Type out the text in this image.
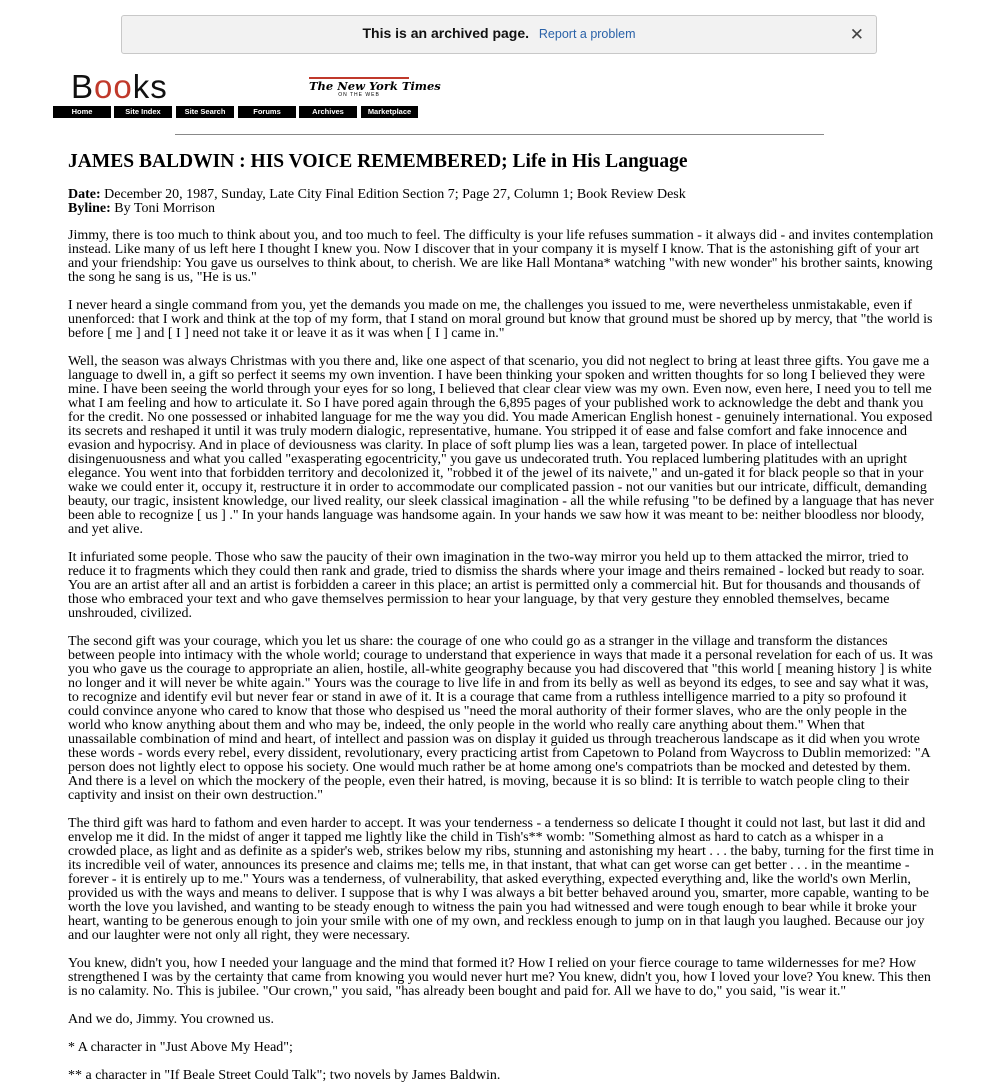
This is an archived page. Report a problem	✕
Books	The New York Times
ON THE WEB
Home	Site Index	Site Search	Forums	Archives	Marketplace
JAMES BALDWIN : HIS VOICE REMEMBERED; Life in His Language
Date: December 20, 1987, Sunday, Late City Final Edition Section 7; Page 27, Column 1; Book Review Desk
Byline: By Toni Morrison

Jimmy, there is too much to think about you, and too much to feel. The difficulty is your life refuses summation - it always did - and invites contemplation instead. Like many of us left here I thought I knew you. Now I discover that in your company it is myself I know. That is the astonishing gift of your art and your friendship: You gave us ourselves to think about, to cherish. We are like Hall Montana* watching "with new wonder" his brother saints, knowing the song he sang is us, "He is us."

I never heard a single command from you, yet the demands you made on me, the challenges you issued to me, were nevertheless unmistakable, even if unenforced: that I work and think at the top of my form, that I stand on moral ground but know that ground must be shored up by mercy, that "the world is before [ me ] and [ I ] need not take it or leave it as it was when [ I ] came in."

Well, the season was always Christmas with you there and, like one aspect of that scenario, you did not neglect to bring at least three gifts. You gave me a language to dwell in, a gift so perfect it seems my own invention. I have been thinking your spoken and written thoughts for so long I believed they were mine. I have been seeing the world through your eyes for so long, I believed that clear clear view was my own. Even now, even here, I need you to tell me what I am feeling and how to articulate it. So I have pored again through the 6,895 pages of your published work to acknowledge the debt and thank you for the credit. No one possessed or inhabited language for me the way you did. You made American English honest - genuinely international. You exposed its secrets and reshaped it until it was truly modern dialogic, representative, humane. You stripped it of ease and false comfort and fake innocence and evasion and hypocrisy. And in place of deviousness was clarity. In place of soft plump lies was a lean, targeted power. In place of intellectual disingenuousness and what you called "exasperating egocentricity," you gave us undecorated truth. You replaced lumbering platitudes with an upright elegance. You went into that forbidden territory and decolonized it, "robbed it of the jewel of its naivete," and un-gated it for black people so that in your wake we could enter it, occupy it, restructure it in order to accommodate our complicated passion - not our vanities but our intricate, difficult, demanding beauty, our tragic, insistent knowledge, our lived reality, our sleek classical imagination - all the while refusing "to be defined by a language that has never been able to recognize [ us ] ." In your hands language was handsome again. In your hands we saw how it was meant to be: neither bloodless nor bloody, and yet alive.

It infuriated some people. Those who saw the paucity of their own imagination in the two-way mirror you held up to them attacked the mirror, tried to reduce it to fragments which they could then rank and grade, tried to dismiss the shards where your image and theirs remained - locked but ready to soar. You are an artist after all and an artist is forbidden a career in this place; an artist is permitted only a commercial hit. But for thousands and thousands of those who embraced your text and who gave themselves permission to hear your language, by that very gesture they ennobled themselves, became unshrouded, civilized.

The second gift was your courage, which you let us share: the courage of one who could go as a stranger in the village and transform the distances between people into intimacy with the whole world; courage to understand that experience in ways that made it a personal revelation for each of us. It was you who gave us the courage to appropriate an alien, hostile, all-white geography because you had discovered that "this world [ meaning history ] is white no longer and it will never be white again." Yours was the courage to live life in and from its belly as well as beyond its edges, to see and say what it was, to recognize and identify evil but never fear or stand in awe of it. It is a courage that came from a ruthless intelligence married to a pity so profound it could convince anyone who cared to know that those who despised us "need the moral authority of their former slaves, who are the only people in the world who know anything about them and who may be, indeed, the only people in the world who really care anything about them." When that unassailable combination of mind and heart, of intellect and passion was on display it guided us through treacherous landscape as it did when you wrote these words - words every rebel, every dissident, revolutionary, every practicing artist from Capetown to Poland from Waycross to Dublin memorized: "A person does not lightly elect to oppose his society. One would much rather be at home among one's compatriots than be mocked and detested by them. And there is a level on which the mockery of the people, even their hatred, is moving, because it is so blind: It is terrible to watch people cling to their captivity and insist on their own destruction."

The third gift was hard to fathom and even harder to accept. It was your tenderness - a tenderness so delicate I thought it could not last, but last it did and envelop me it did. In the midst of anger it tapped me lightly like the child in Tish's** womb: "Something almost as hard to catch as a whisper in a crowded place, as light and as definite as a spider's web, strikes below my ribs, stunning and astonishing my heart . . . the baby, turning for the first time in its incredible veil of water, announces its presence and claims me; tells me, in that instant, that what can get worse can get better . . . in the meantime - forever - it is entirely up to me." Yours was a tenderness, of vulnerability, that asked everything, expected everything and, like the world's own Merlin, provided us with the ways and means to deliver. I suppose that is why I was always a bit better behaved around you, smarter, more capable, wanting to be worth the love you lavished, and wanting to be steady enough to witness the pain you had witnessed and were tough enough to bear while it broke your heart, wanting to be generous enough to join your smile with one of my own, and reckless enough to jump on in that laugh you laughed. Because our joy and our laughter were not only all right, they were necessary.

You knew, didn't you, how I needed your language and the mind that formed it? How I relied on your fierce courage to tame wildernesses for me? How strengthened I was by the certainty that came from knowing you would never hurt me? You knew, didn't you, how I loved your love? You knew. This then is no calamity. No. This is jubilee. "Our crown," you said, "has already been bought and paid for. All we have to do," you said, "is wear it."

And we do, Jimmy. You crowned us.

* A character in "Just Above My Head";

** a character in "If Beale Street Could Talk"; two novels by James Baldwin.
